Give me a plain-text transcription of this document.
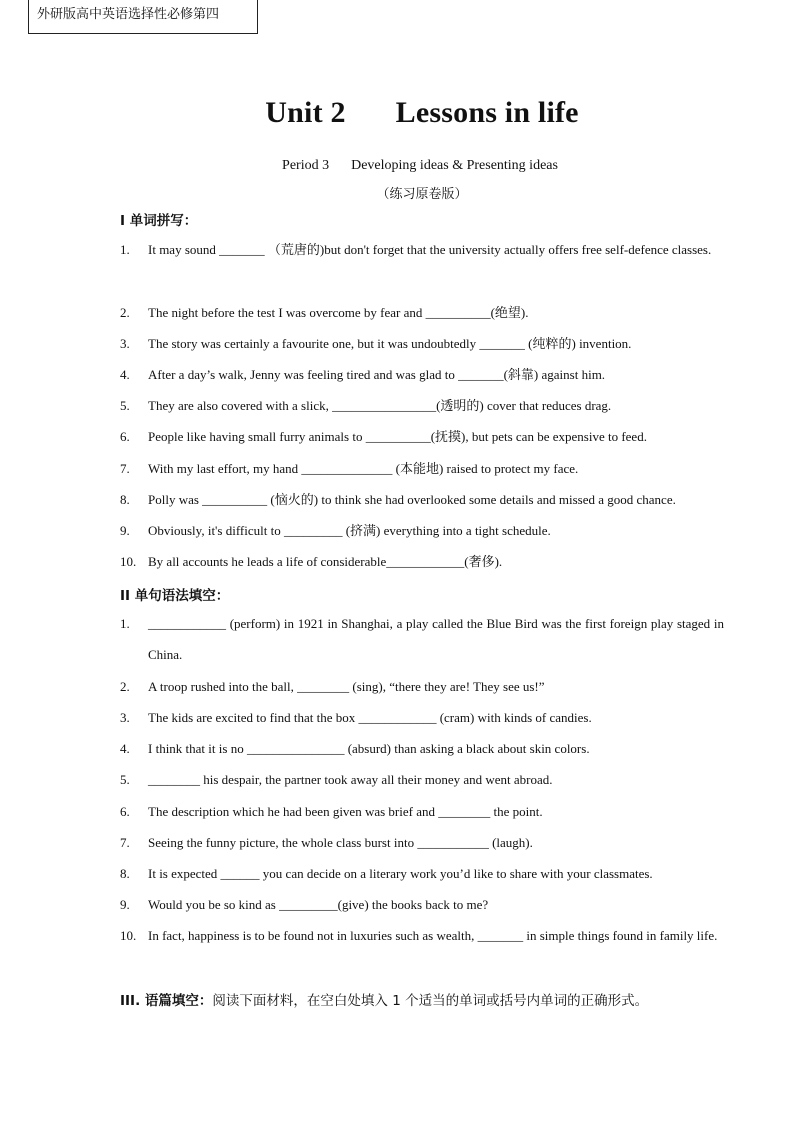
外研版高中英语选择性必修第四
Unit 2 Lessons in life
Period 3 Developing ideas & Presenting ideas
（练习原卷版）
I 单词拼写：
1.	It may sound _______ （荒唐的)but don't forget that the university actually offers free self-defence classes.
2.	The night before the test I was overcome by fear and __________(绝望).
3.	The story was certainly a favourite one, but it was undoubtedly _______ (纯粹的) invention.
4.	After a day’s walk, Jenny was feeling tired and was glad to _______(斜靠) against him.
5.	They are also covered with a slick, ________________(透明的) cover that reduces drag.
6.	People like having small furry animals to __________(抚摸), but pets can be expensive to feed.
7.	With my last effort, my hand ______________ (本能地) raised to protect my face.
8.	Polly was __________ (恼火的) to think she had overlooked some details and missed a good chance.
9.	Obviously, it's difficult to _________ (挤满) everything into a tight schedule.
10. By all accounts he leads a life of considerable____________(奢侈).
II 单句语法填空：
1.	____________ (perform) in 1921 in Shanghai, a play called the Blue Bird was the first foreign play staged in China.
2.	A troop rushed into the ball, ________ (sing), “there they are! They see us!”
3.	The kids are excited to find that the box ____________ (cram) with kinds of candies.
4.	I think that it is no _______________ (absurd) than asking a black about skin colors.
5.	________ his despair, the partner took away all their money and went abroad.
6.	The description which he had been given was brief and ________ the point.
7.	Seeing the funny picture, the whole class burst into ___________ (laugh).
8.	It is expected ______ you can decide on a literary work you’d like to share with your classmates.
9.	Would you be so kind as _________(give) the books back to me?
10. In fact, happiness is to be found not in luxuries such as wealth, _______ in simple things found in family life.
III. 语篇填空：阅读下面材料，在空白处填入 1 个适当的单词或括号内单词的正确形式。
